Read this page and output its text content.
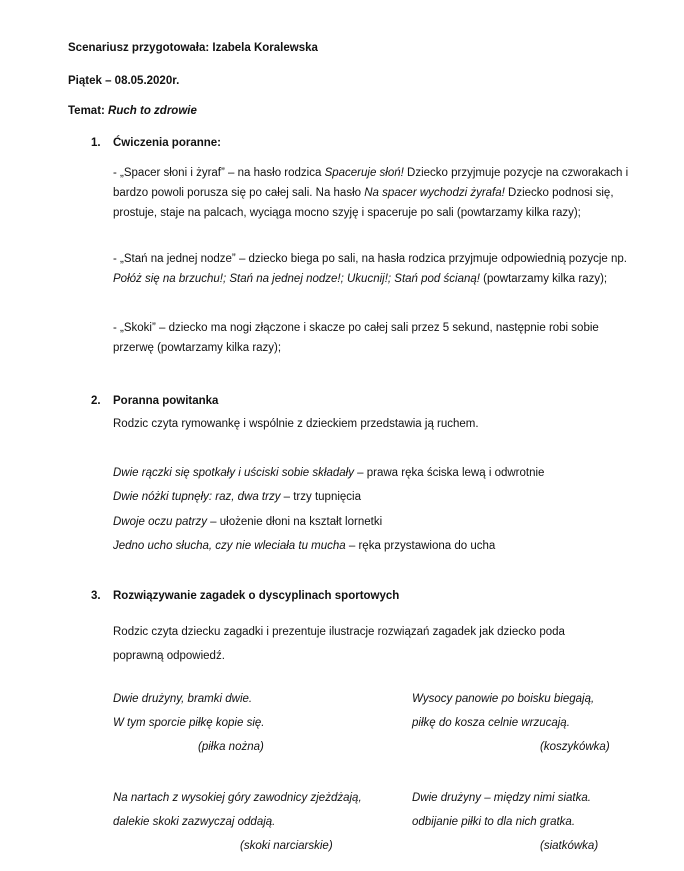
Scenariusz przygotowała: Izabela Koralewska
Piątek – 08.05.2020r.
Temat: Ruch to zdrowie
1. Ćwiczenia poranne:
- „Spacer słoni i żyraf” – na hasło rodzica Spaceruje słoń! Dziecko przyjmuje pozycje na czworakach i bardzo powoli porusza się po całej sali. Na hasło Na spacer wychodzi żyrafa! Dziecko podnosi się, prostuje, staje na palcach, wyciąga mocno szyję i spaceruje po sali (powtarzamy kilka razy);
- „Stań na jednej nodze” – dziecko biega po sali, na hasła rodzica przyjmuje odpowiednią pozycje np. Połóż się na brzuchu!; Stań na jednej nodze!; Ukucnij!; Stań pod ścianą! (powtarzamy kilka razy);
- „Skoki” – dziecko ma nogi złączone i skacze po całej sali przez 5 sekund, następnie robi sobie przerwę (powtarzamy kilka razy);
2. Poranna powitanka
Rodzic czyta rymowankę i wspólnie z dzieckiem przedstawia ją ruchem.
Dwie rączki się spotkały i uściski sobie składały – prawa ręka ściska lewą i odwrotnie
Dwie nóżki tupnęły: raz, dwa trzy – trzy tupnięcia
Dwoje oczu patrzy – ułożenie dłoni na kształt lornetki
Jedno ucho słucha, czy nie wleciała tu mucha – ręka przystawiona do ucha
3. Rozwiązywanie zagadek o dyscyplinach sportowych
Rodzic czyta dziecku zagadki i prezentuje ilustracje rozwiązań zagadek jak dziecko poda poprawną odpowiedź.
Dwie drużyny, bramki dwie.
W tym sporcie piłkę kopie się.
(piłka nożna)
Wysocy panowie po boisku biegają,
piłkę do kosza celnie wrzucają.
(koszykówka)
Na nartach z wysokiej góry zawodnicy zjeżdżają,
dalekie skoki zazwyczaj oddają.
(skoki narciarskie)
Dwie drużyny – między nimi siatka.
odbijanie piłki to dla nich gratka.
(siatkówka)
